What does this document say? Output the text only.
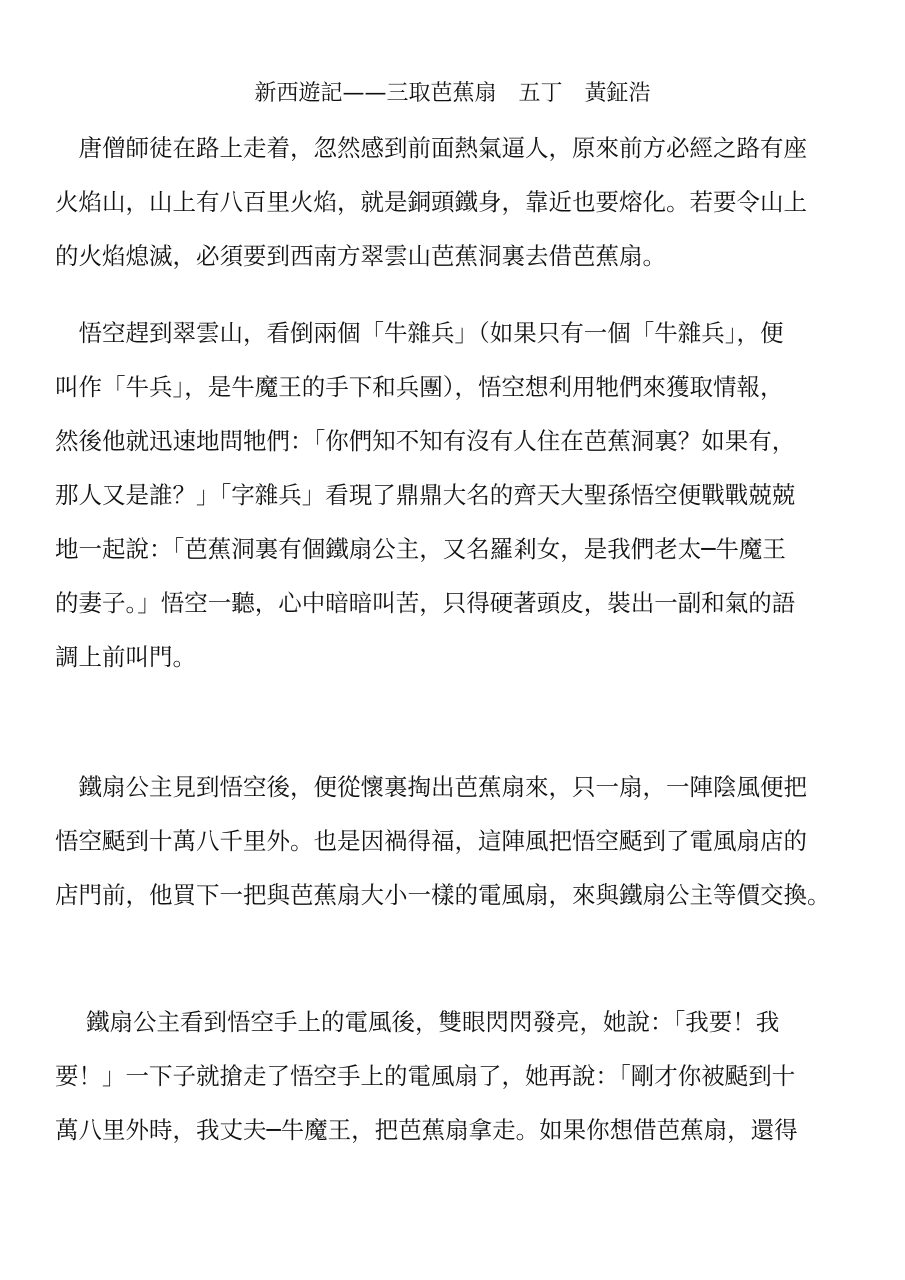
新西遊記——三取芭蕉扇　五丁　黃鉦浩
　唐僧師徒在路上走着，忽然感到前面熱氣逼人，原來前方必經之路有座
火焰山，山上有八百里火焰，就是銅頭鐵身，靠近也要熔化。若要令山上
的火焰熄滅，必須要到西南方翠雲山芭蕉洞裏去借芭蕉扇。
　悟空趕到翠雲山，看倒兩個「牛雜兵」（如果只有一個「牛雜兵」，便
叫作「牛兵」，是牛魔王的手下和兵團），悟空想利用牠們來獲取情報，
然後他就迅速地問牠們：「你們知不知有沒有人住在芭蕉洞裏？如果有，
那人又是誰？」「字雜兵」看現了鼎鼎大名的齊天大聖孫悟空便戰戰兢兢
地一起說：「芭蕉洞裏有個鐵扇公主，又名羅剎女，是我們老太─牛魔王
的妻子。」悟空一聽，心中暗暗叫苦，只得硬著頭皮，裝出一副和氣的語
調上前叫門。
　鐵扇公主見到悟空後，便從懷裏掏出芭蕉扇來，只一扇，一陣陰風便把
悟空颳到十萬八千里外。也是因禍得福，這陣風把悟空颳到了電風扇店的
店門前，他買下一把與芭蕉扇大小一樣的電風扇，來與鐵扇公主等價交換。
　 鐵扇公主看到悟空手上的電風後，雙眼閃閃發亮，她說：「我要！我
要！」一下子就搶走了悟空手上的電風扇了，她再說：「剛才你被颳到十
萬八里外時，我丈夫─牛魔王，把芭蕉扇拿走。如果你想借芭蕉扇，還得
